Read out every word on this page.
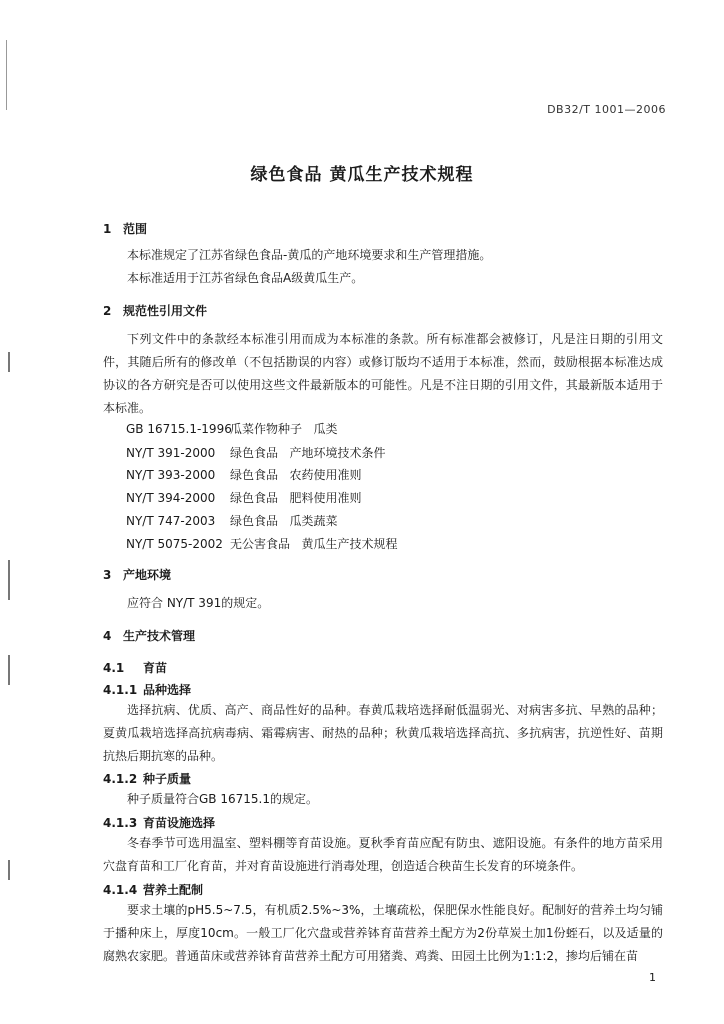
DB32/T 1001—2006
绿色食品 黄瓜生产技术规程
1 范围
本标准规定了江苏省绿色食品-黄瓜的产地环境要求和生产管理措施。
本标准适用于江苏省绿色食品A级黄瓜生产。
2 规范性引用文件
下列文件中的条款经本标准引用而成为本标准的条款。所有标准都会被修订，凡是注日期的引用文件，其随后所有的修改单（不包括勘误的内容）或修订版均不适用于本标准，然而，鼓励根据本标准达成协议的各方研究是否可以使用这些文件最新版本的可能性。凡是不注日期的引用文件，其最新版本适用于本标准。
GB 16715.1-1996瓜菜作物种子   瓜类
NY/T 391-2000 绿色食品   产地环境技术条件
NY/T 393-2000 绿色食品   农药使用准则
NY/T 394-2000 绿色食品   肥料使用准则
NY/T 747-2003 绿色食品   瓜类蔬菜
NY/T 5075-2002 无公害食品   黄瓜生产技术规程
3 产地环境
应符合 NY/T 391的规定。
4 生产技术管理
4.1 育苗
4.1.1 品种选择
选择抗病、优质、高产、商品性好的品种。春黄瓜栽培选择耐低温弱光、对病害多抗、早熟的品种；夏黄瓜栽培选择高抗病毒病、霜霉病害、耐热的品种；秋黄瓜栽培选择高抗、多抗病害，抗逆性好、苗期抗热后期抗寒的品种。
4.1.2 种子质量
种子质量符合GB 16715.1的规定。
4.1.3 育苗设施选择
冬春季节可选用温室、塑料棚等育苗设施。夏秋季育苗应配有防虫、遮阳设施。有条件的地方苗采用穴盘育苗和工厂化育苗，并对育苗设施进行消毒处理，创造适合秧苗生长发育的环境条件。
4.1.4 营养土配制
要求土壤的pH5.5~7.5，有机质2.5%~3%，土壤疏松，保肥保水性能良好。配制好的营养土均匀铺于播种床上，厚度10cm。一般工厂化穴盘或营养钵育苗营养土配方为2份草炭土加1份蛭石，以及适量的腐熟农家肥。普通苗床或营养钵育苗营养土配方可用猪粪、鸡粪、田园土比例为1:1:2，掺均后铺在苗
1
